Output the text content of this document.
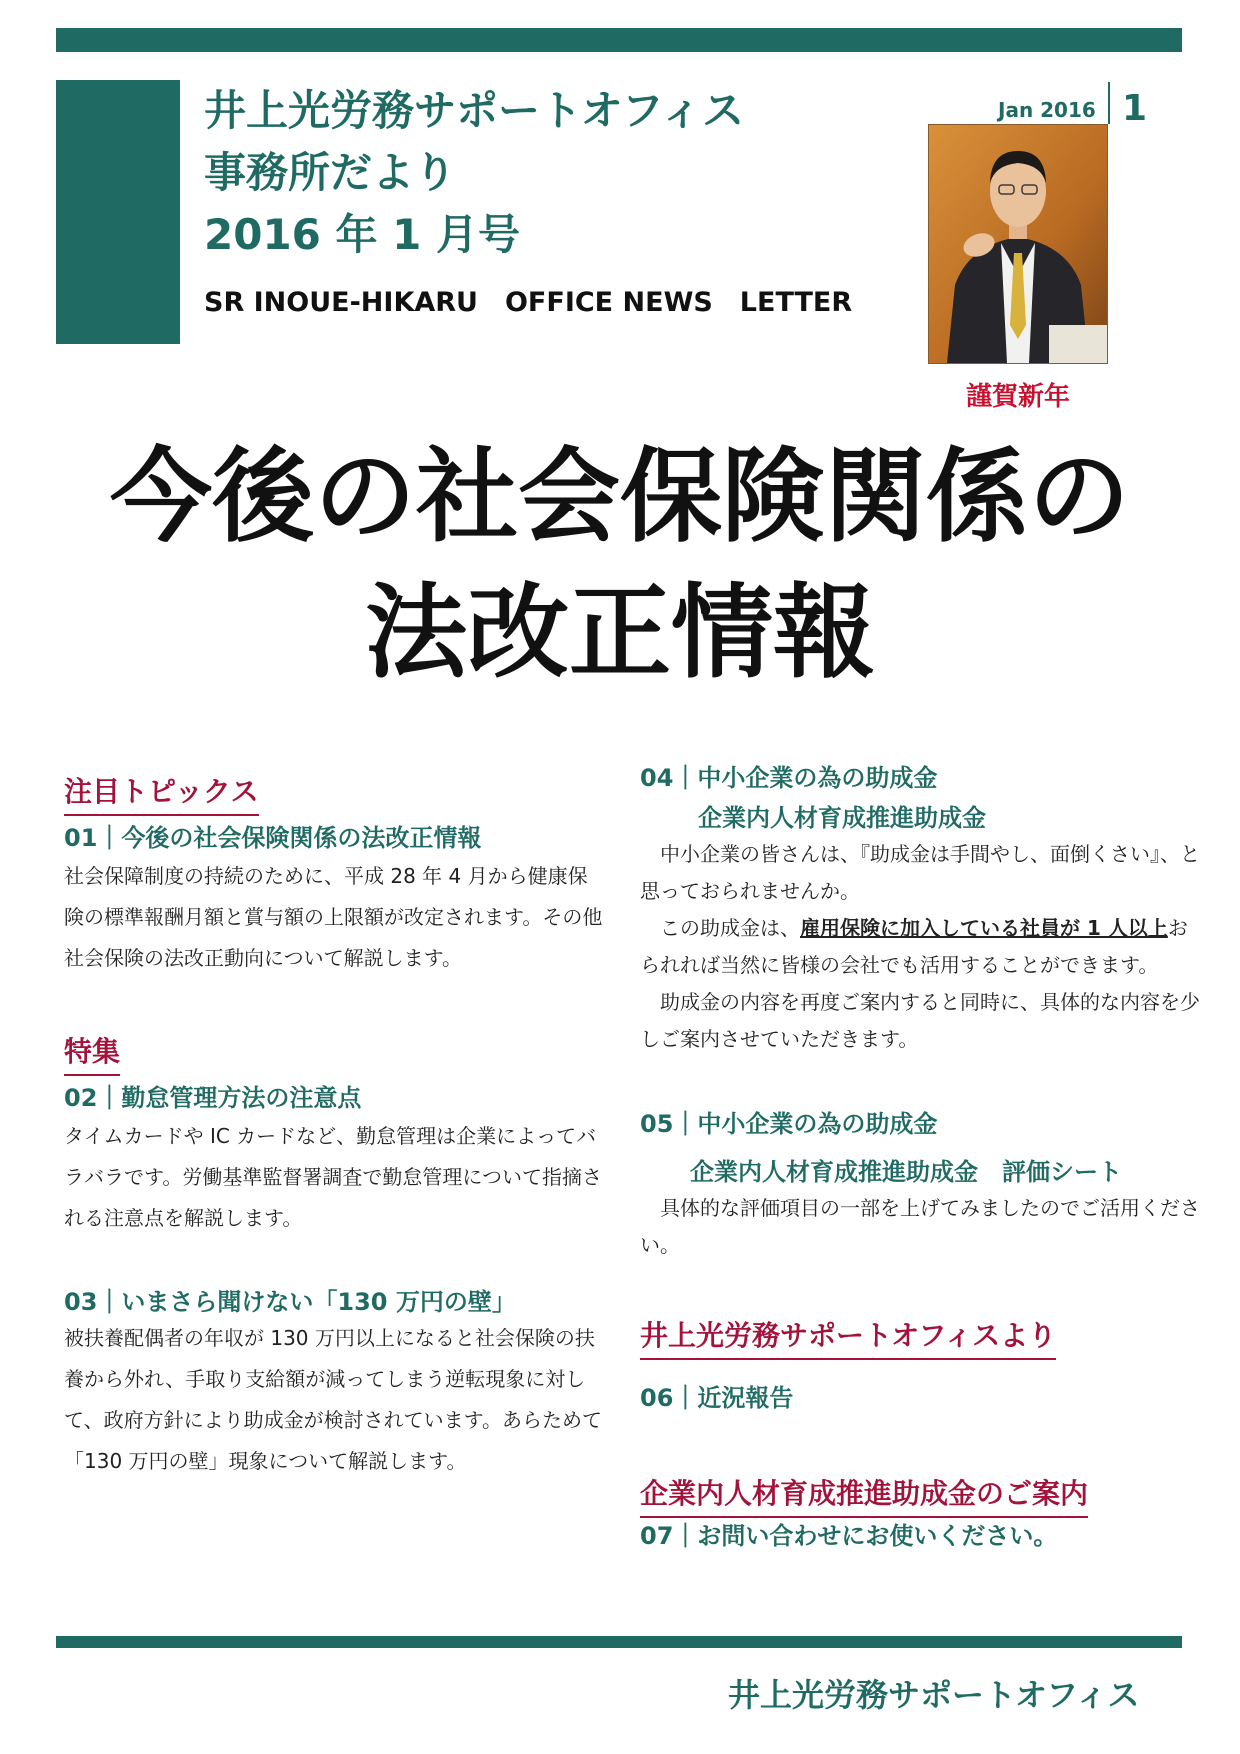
井上光労務サポートオフィス
事務所だより
2016 年 1 月号
SR INOUE-HIKARU　OFFICE NEWS　LETTER
Jan 2016 1
謹賀新年
今後の社会保険関係の
法改正情報
注目トピックス
01｜今後の社会保険関係の法改正情報
社会保障制度の持続のために、平成 28 年 4 月から健康保険の標準報酬月額と賞与額の上限額が改定されます。その他社会保険の法改正動向について解説します。
特集
02｜勤怠管理方法の注意点
タイムカードや IC カードなど、勤怠管理は企業によってバラバラです。労働基準監督署調査で勤怠管理について指摘される注意点を解説します。
03｜いまさら聞けない「130 万円の壁」
被扶養配偶者の年収が 130 万円以上になると社会保険の扶養から外れ、手取り支給額が減ってしまう逆転現象に対して、政府方針により助成金が検討されています。あらためて「130 万円の壁」現象について解説します。
04｜中小企業の為の助成金
企業内人材育成推進助成金
中小企業の皆さんは、『助成金は手間やし、面倒くさい』、と思っておられませんか。
この助成金は、雇用保険に加入している社員が 1 人以上おられれば当然に皆様の会社でも活用することができます。
助成金の内容を再度ご案内すると同時に、具体的な内容を少しご案内させていただきます。
05｜中小企業の為の助成金
企業内人材育成推進助成金　評価シート
具体的な評価項目の一部を上げてみましたのでご活用ください。
井上光労務サポートオフィスより
06｜近況報告
企業内人材育成推進助成金のご案内
07｜お問い合わせにお使いください。
井上光労務サポートオフィス
